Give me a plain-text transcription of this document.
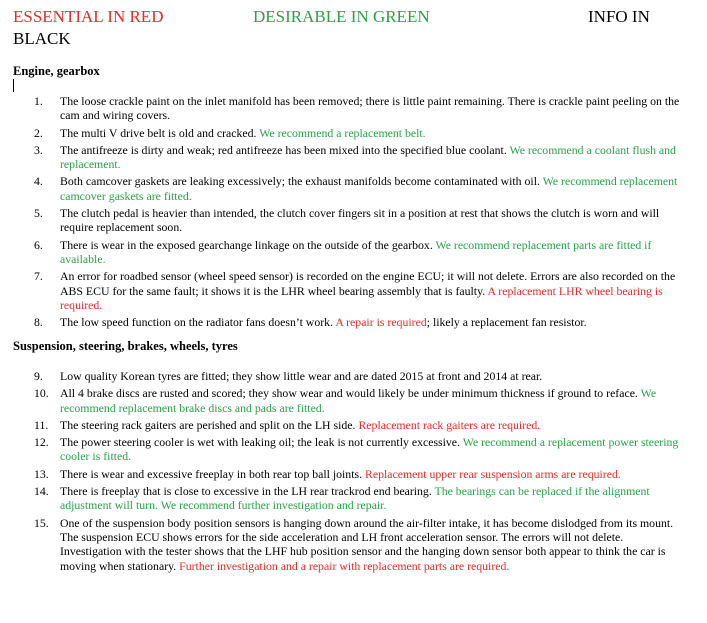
ESSENTIAL IN RED	DESIRABLE IN GREEN	INFO IN
BLACK
Engine, gearbox
1.	The loose crackle paint on the inlet manifold has been removed; there is little paint remaining. There is crackle paint peeling on the cam and wiring covers.
2.	The multi V drive belt is old and cracked. We recommend a replacement belt.
3.	The antifreeze is dirty and weak; red antifreeze has been mixed into the specified blue coolant. We recommend a coolant flush and replacement.
4.	Both camcover gaskets are leaking excessively; the exhaust manifolds become contaminated with oil. We recommend replacement camcover gaskets are fitted.
5.	The clutch pedal is heavier than intended, the clutch cover fingers sit in a position at rest that shows the clutch is worn and will require replacement soon.
6.	There is wear in the exposed gearchange linkage on the outside of the gearbox. We recommend replacement parts are fitted if available.
7.	An error for roadbed sensor (wheel speed sensor) is recorded on the engine ECU; it will not delete. Errors are also recorded on the ABS ECU for the same fault; it shows it is the LHR wheel bearing assembly that is faulty. A replacement LHR wheel bearing is required.
8.	The low speed function on the radiator fans doesn’t work. A repair is required; likely a replacement fan resistor.
Suspension, steering, brakes, wheels, tyres
9.	Low quality Korean tyres are fitted; they show little wear and are dated 2015 at front and 2014 at rear.
10. All 4 brake discs are rusted and scored; they show wear and would likely be under minimum thickness if ground to reface. We recommend replacement brake discs and pads are fitted.
11. The steering rack gaiters are perished and split on the LH side. Replacement rack gaiters are required.
12. The power steering cooler is wet with leaking oil; the leak is not currently excessive. We recommend a replacement power steering cooler is fitted.
13. There is wear and excessive freeplay in both rear top ball joints. Replacement upper rear suspension arms are required.
14. There is freeplay that is close to excessive in the LH rear trackrod end bearing. The bearings can be replaced if the alignment adjustment will turn. We recommend further investigation and repair.
15. One of the suspension body position sensors is hanging down around the air-filter intake, it has become dislodged from its mount. The suspension ECU shows errors for the side acceleration and LH front acceleration sensor. The errors will not delete. Investigation with the tester shows that the LHF hub position sensor and the hanging down sensor both appear to think the car is moving when stationary. Further investigation and a repair with replacement parts are required.
